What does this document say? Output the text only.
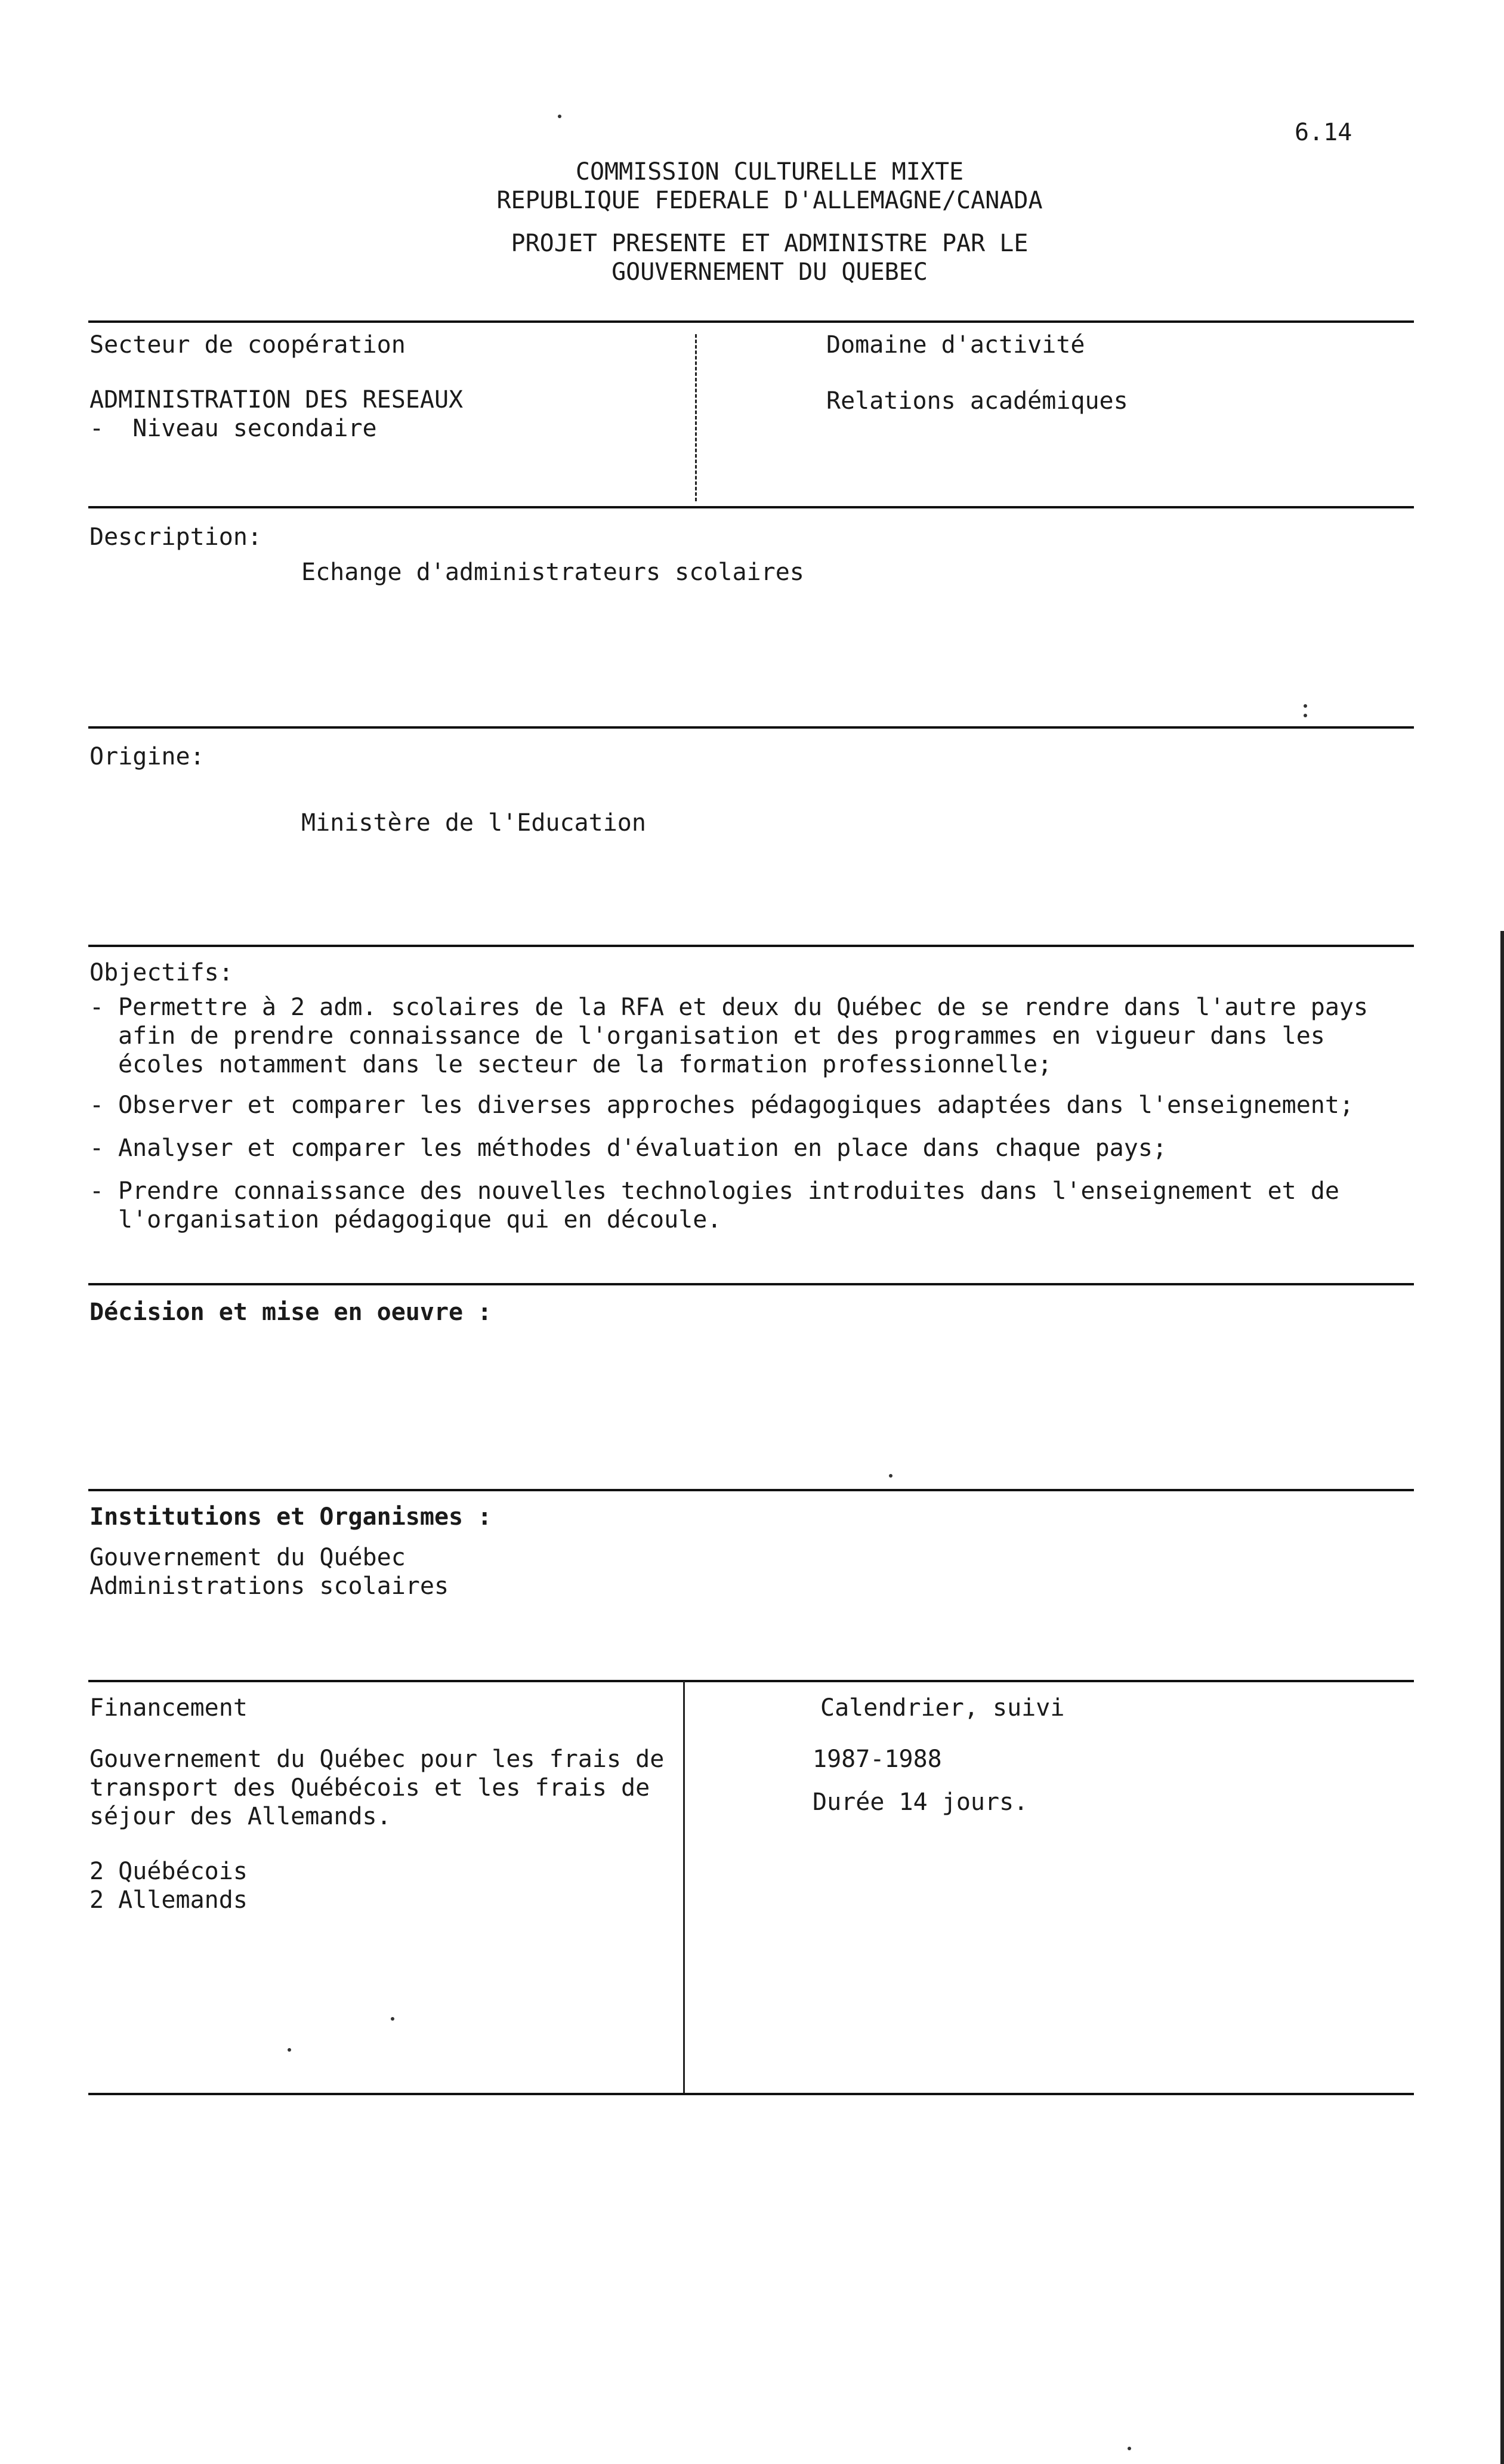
6.14
COMMISSION CULTURELLE MIXTE
REPUBLIQUE FEDERALE D'ALLEMAGNE/CANADA
PROJET PRESENTE ET ADMINISTRE PAR LE
GOUVERNEMENT DU QUEBEC
Secteur de coopération
ADMINISTRATION DES RESEAUX
-  Niveau secondaire
Domaine d'activité
Relations académiques
Description:
Echange d'administrateurs scolaires
Origine:
Ministère de l'Education
Objectifs:
- Permettre à 2 adm. scolaires de la RFA et deux du Québec de se rendre dans l'autre pays
afin de prendre connaissance de l'organisation et des programmes en vigueur dans les
écoles notamment dans le secteur de la formation professionnelle;
- Observer et comparer les diverses approches pédagogiques adaptées dans l'enseignement;
- Analyser et comparer les méthodes d'évaluation en place dans chaque pays;
- Prendre connaissance des nouvelles technologies introduites dans l'enseignement et de
l'organisation pédagogique qui en découle.
Décision et mise en oeuvre :
Institutions et Organismes :
Gouvernement du Québec
Administrations scolaires
Financement
Gouvernement du Québec pour les frais de
transport des Québécois et les frais de
séjour des Allemands.
2 Québécois
2 Allemands
Calendrier, suivi
1987-1988
Durée 14 jours.
